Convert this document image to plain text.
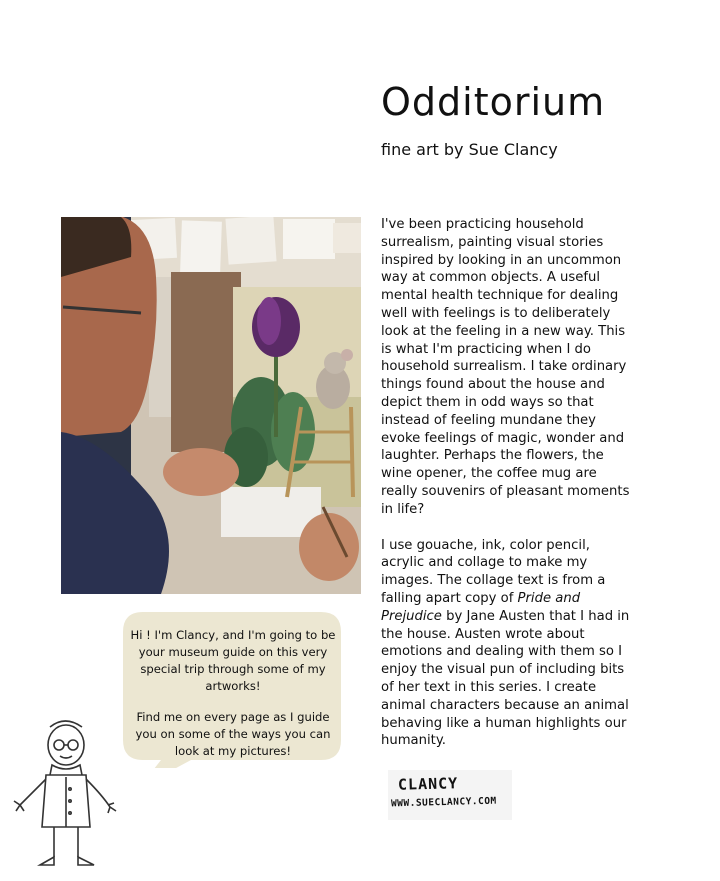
Odditorium

fine art by Sue Clancy

I've been practicing household surrealism, painting visual stories inspired by looking in an uncommon way at common objects. A useful mental health technique for dealing well with feelings is to deliberately look at the feeling in a new way. This is what I'm practicing when I do household surrealism. I take ordinary things found about the house and depict them in odd ways so that instead of feeling mundane they evoke feelings of magic, wonder and laughter. Perhaps the flowers, the wine opener, the coffee mug are really souvenirs of pleasant moments in life?

I use gouache, ink, color pencil, acrylic and collage to make my images. The collage text is from a falling apart copy of Pride and Prejudice by Jane Austen that I had in the house. Austen wrote about emotions and dealing with them so I enjoy the visual pun of including bits of her text in this series. I create animal characters because an animal behaving like a human highlights our humanity.

Hi ! I'm Clancy, and I'm going to be your museum guide on this very special trip through some of my artworks!

Find me on every page as I guide you on some of the ways you can look at my pictures!

CLANCY
WWW.SUECLANCY.COM
